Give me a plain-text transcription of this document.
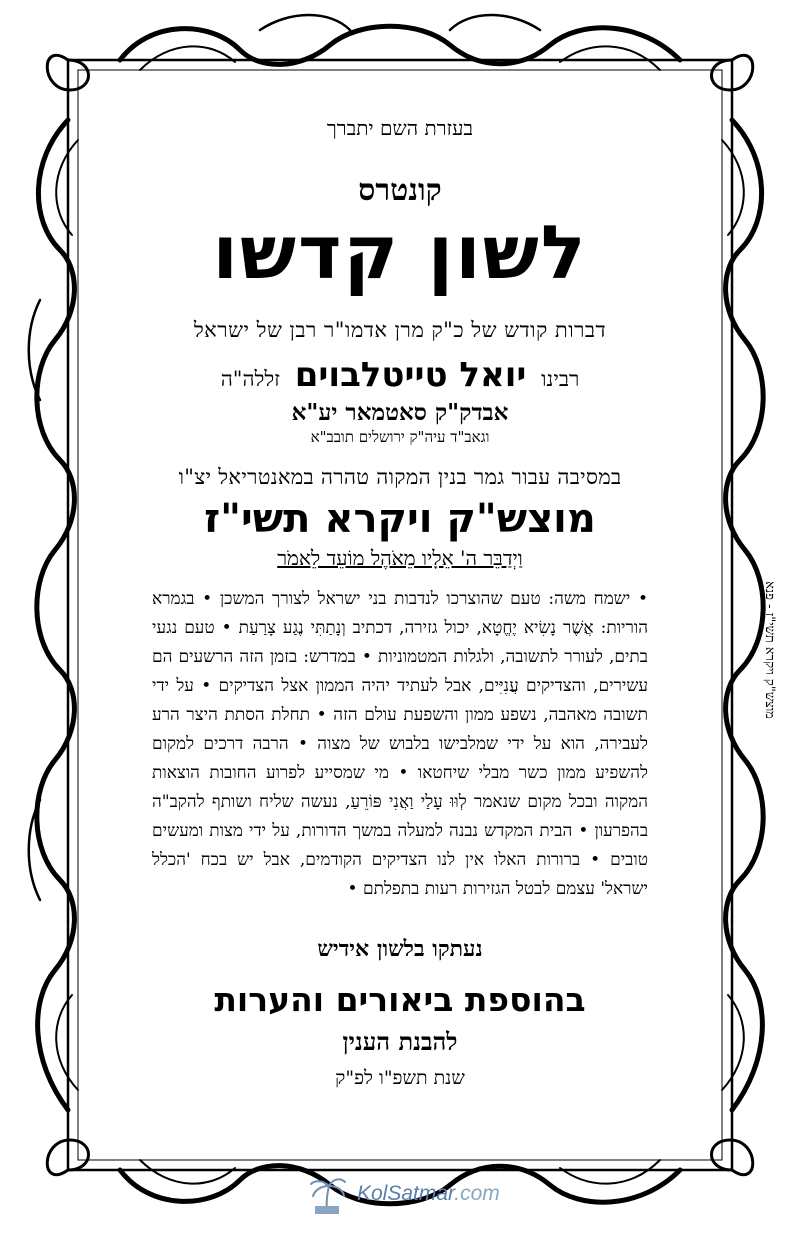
בעזרת השם יתברך
קונטרס
לשון קדשו
דברות קודש של כ"ק מרן אדמו"ר רבן של ישראל
רבינו יואל טייטלבוים זללה"ה
אבדק"ק סאטמאר יע"א
וגאב"ד עיה"ק ירושלים תובב"א
במסיבה עבור גמר בנין המקוה טהרה במאנטריאל יצ"ו
מוצש"ק ויקרא תשי"ז
וַיְדַבֵּר ה' אֵלָיו מֵאֹהֶל מוֹעֵד לֵאמֹר
• ישמח משה: טעם שהוצרכו לנדבות בני ישראל לצורך המשכן • בגמרא הוריות: אֲשֶׁר נָשִׂיא יֶחֱטָא, יכול גזירה, דכתיב וְנָתַתִּי נֶגַע צָרַעַת • טעם נגעי בתים, לעורר לתשובה, ולגלות המטמוניות • במדרש: בזמן הזה הרשעים הם עשירים, והצדיקים עֲנִיִּים, אבל לעתיד יהיה הממון אצל הצדיקים • על ידי תשובה מאהבה, נשפע ממון והשפעת עולם הזה • תחלת הסתת היצר הרע לעבירה, הוא על ידי שמלבישו בלבוש של מצוה • הרבה דרכים למקום להשפיע ממון כשר מבלי שיחטאו • מי שמסייע לפרוע החובות הוצאות המקוה ובכל מקום שנאמר לְוּוּ עָלַי וַאֲנִי פּוֹרֵעַ, נעשה שליח ושותף להקב"ה בהפרעון • הבית המקדש נבנה למעלה במשך הדורות, על ידי מצות ומעשים טובים • ברורות האלו אין לנו הצדיקים הקודמים, אבל יש בכח 'הכלל ישראל' עצמם לבטל הגזירות רעות בתפלתם •
נעתקו בלשון אידיש
בהוספת ביאורים והערות
להבנת הענין
שנת תשפ"ו לפ"ק
מוצש"ק ויקרא תשי"ז - פנא
KolSatmar.com
